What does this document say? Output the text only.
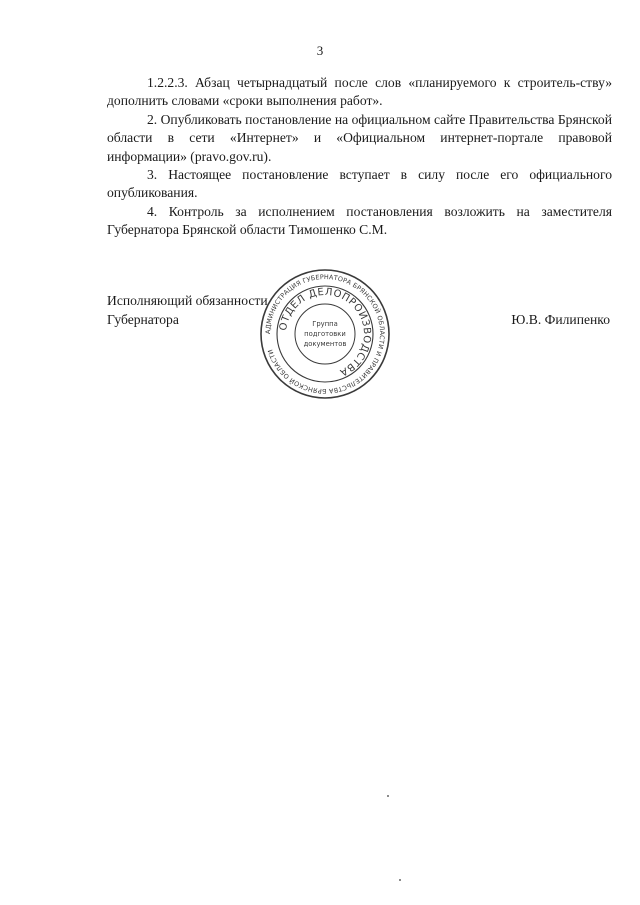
3

1.2.2.3. Абзац четырнадцатый после слов «планируемого к строитель-ству» дополнить словами «сроки выполнения работ».

2. Опубликовать постановление на официальном сайте Правительства Брянской области в сети «Интернет» и «Официальном интернет-портале правовой информации» (pravo.gov.ru).

3. Настоящее постановление вступает в силу после его официального опубликования.

4. Контроль за исполнением постановления возложить на заместителя Губернатора Брянской области Тимошенко С.М.

Исполняющий обязанности
Губернатора	Ю.В. Филипенко
АДМИНИСТРАЦИЯ ГУБЕРНАТОРА БРЯНСКОЙ ОБЛАСТИ И ПРАВИТЕЛЬСТВА БРЯНСКОЙ ОБЛАСТИ
ОТДЕЛ ДЕЛОПРОИЗВОДСТВА
Группа
подготовки
документов
